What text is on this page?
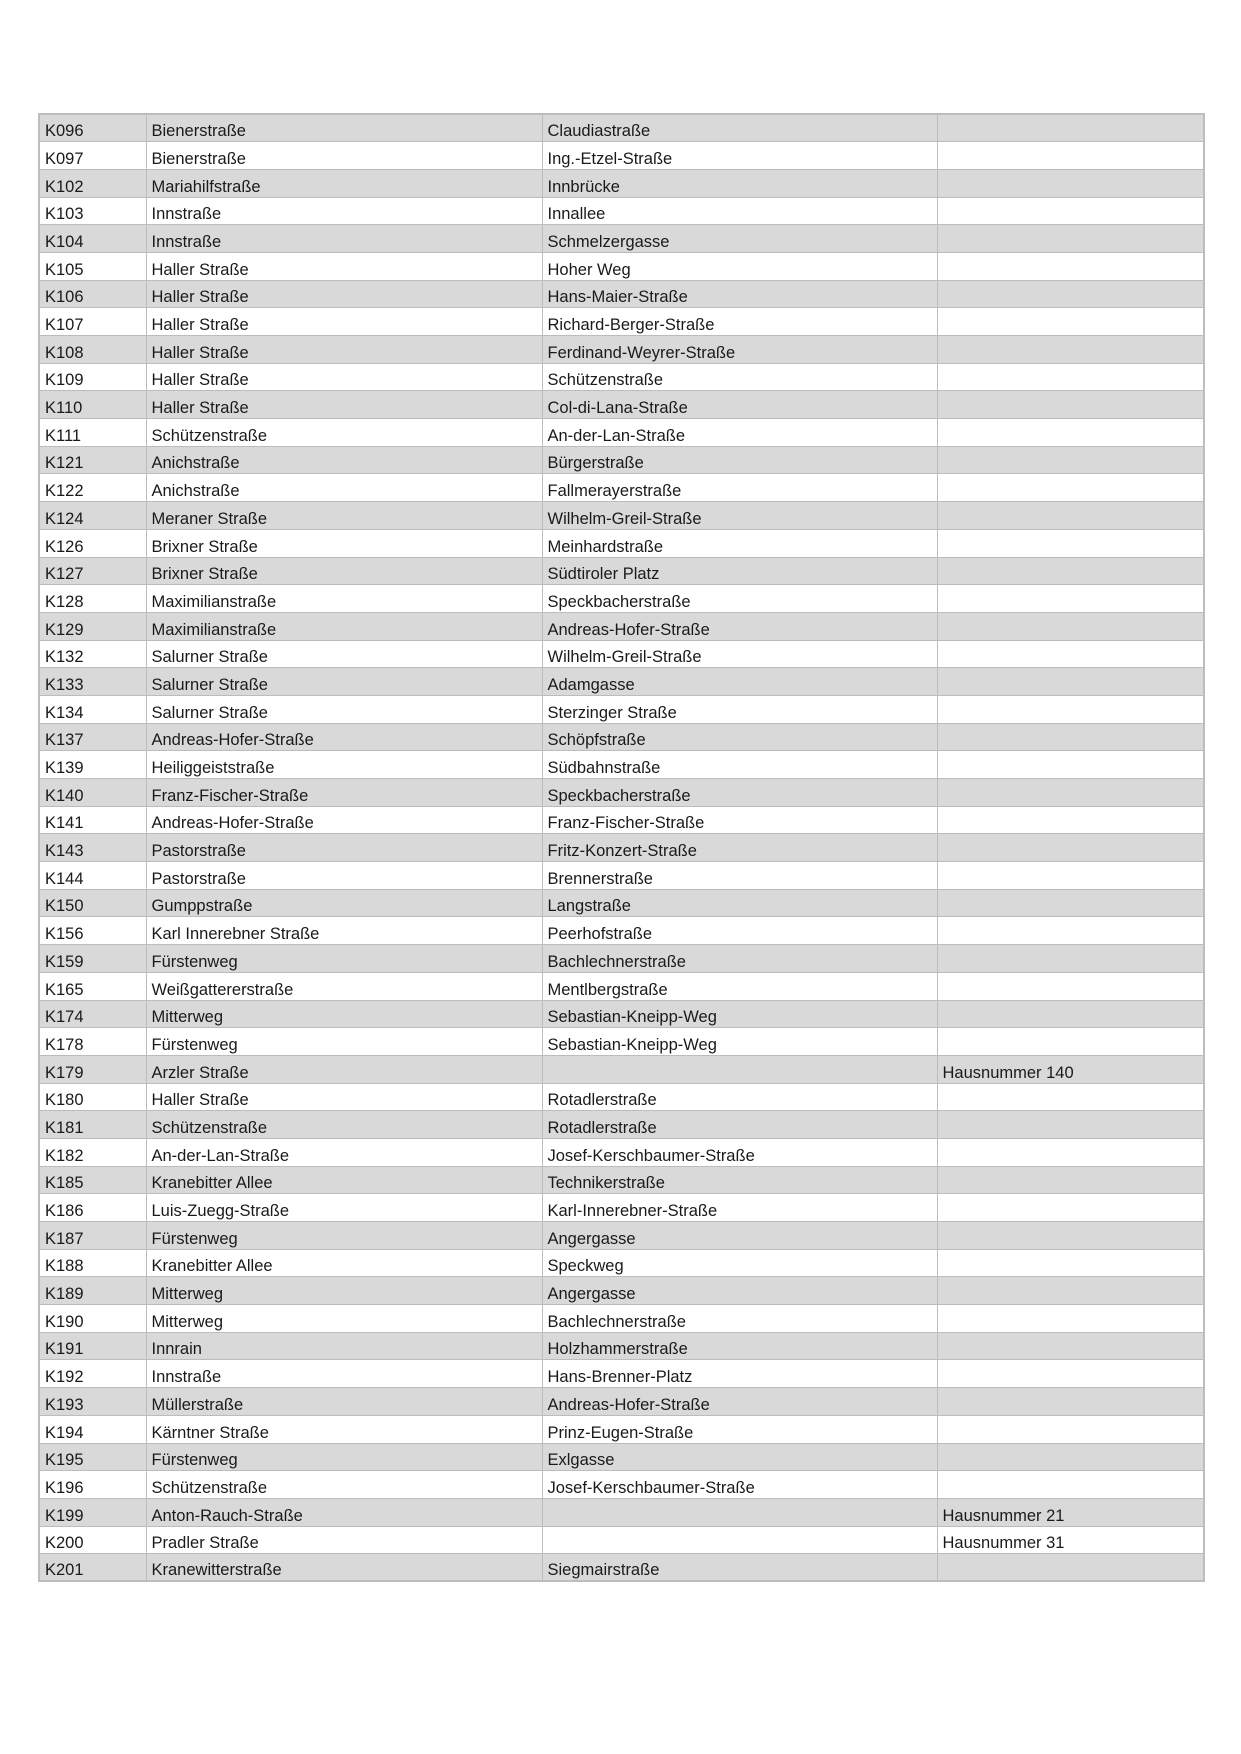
K096	Bienerstraße	Claudiastraße	
K097	Bienerstraße	Ing.-Etzel-Straße	
K102	Mariahilfstraße	Innbrücke	
K103	Innstraße	Innallee	
K104	Innstraße	Schmelzergasse	
K105	Haller Straße	Hoher Weg	
K106	Haller Straße	Hans-Maier-Straße	
K107	Haller Straße	Richard-Berger-Straße	
K108	Haller Straße	Ferdinand-Weyrer-Straße	
K109	Haller Straße	Schützenstraße	
K110	Haller Straße	Col-di-Lana-Straße	
K111	Schützenstraße	An-der-Lan-Straße	
K121	Anichstraße	Bürgerstraße	
K122	Anichstraße	Fallmerayerstraße	
K124	Meraner Straße	Wilhelm-Greil-Straße	
K126	Brixner Straße	Meinhardstraße	
K127	Brixner Straße	Südtiroler Platz	
K128	Maximilianstraße	Speckbacherstraße	
K129	Maximilianstraße	Andreas-Hofer-Straße	
K132	Salurner Straße	Wilhelm-Greil-Straße	
K133	Salurner Straße	Adamgasse	
K134	Salurner Straße	Sterzinger Straße	
K137	Andreas-Hofer-Straße	Schöpfstraße	
K139	Heiliggeiststraße	Südbahnstraße	
K140	Franz-Fischer-Straße	Speckbacherstraße	
K141	Andreas-Hofer-Straße	Franz-Fischer-Straße	
K143	Pastorstraße	Fritz-Konzert-Straße	
K144	Pastorstraße	Brennerstraße	
K150	Gumppstraße	Langstraße	
K156	Karl Innerebner Straße	Peerhofstraße	
K159	Fürstenweg	Bachlechnerstraße	
K165	Weißgattererstraße	Mentlbergstraße	
K174	Mitterweg	Sebastian-Kneipp-Weg	
K178	Fürstenweg	Sebastian-Kneipp-Weg	
K179	Arzler Straße		Hausnummer 140
K180	Haller Straße	Rotadlerstraße	
K181	Schützenstraße	Rotadlerstraße	
K182	An-der-Lan-Straße	Josef-Kerschbaumer-Straße	
K185	Kranebitter Allee	Technikerstraße	
K186	Luis-Zuegg-Straße	Karl-Innerebner-Straße	
K187	Fürstenweg	Angergasse	
K188	Kranebitter Allee	Speckweg	
K189	Mitterweg	Angergasse	
K190	Mitterweg	Bachlechnerstraße	
K191	Innrain	Holzhammerstraße	
K192	Innstraße	Hans-Brenner-Platz	
K193	Müllerstraße	Andreas-Hofer-Straße	
K194	Kärntner Straße	Prinz-Eugen-Straße	
K195	Fürstenweg	Exlgasse	
K196	Schützenstraße	Josef-Kerschbaumer-Straße	
K199	Anton-Rauch-Straße		Hausnummer 21
K200	Pradler Straße		Hausnummer 31
K201	Kranewitterstraße	Siegmairstraße	
